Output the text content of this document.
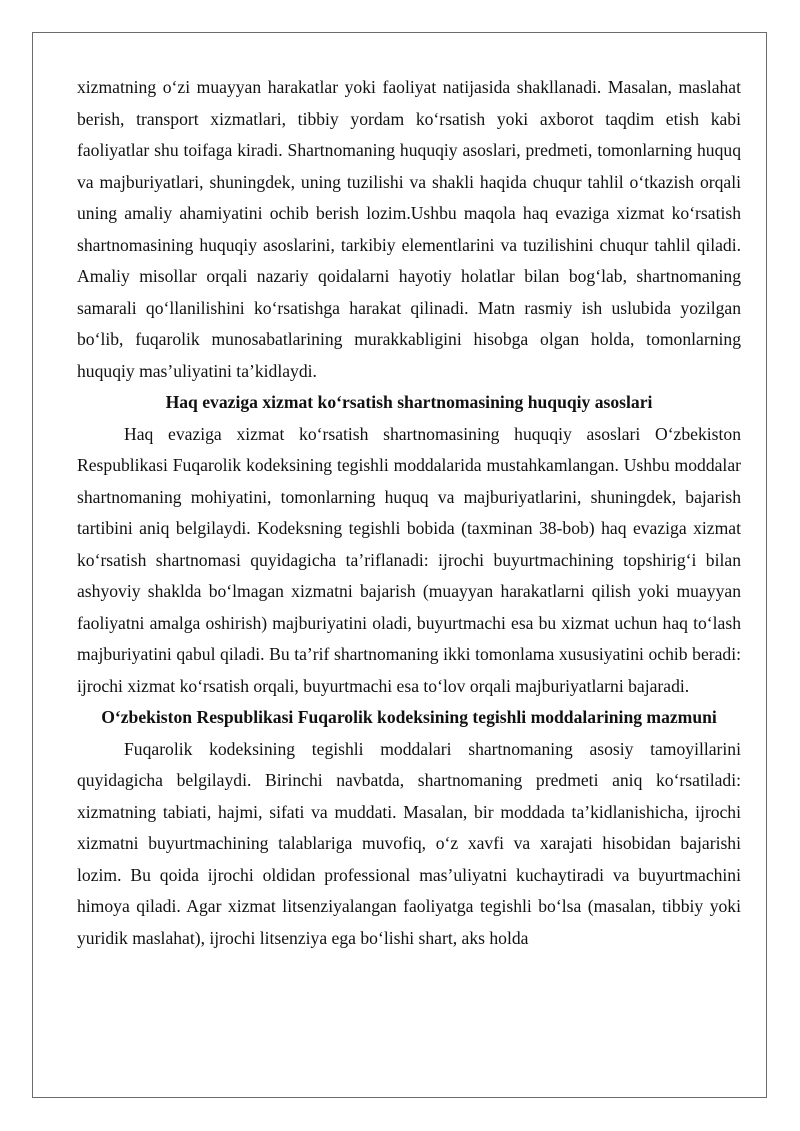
xizmatning o‘zi muayyan harakatlar yoki faoliyat natijasida shakllanadi. Masalan, maslahat berish, transport xizmatlari, tibbiy yordam ko‘rsatish yoki axborot taqdim etish kabi faoliyatlar shu toifaga kiradi. Shartnomaning huquqiy asoslari, predmeti, tomonlarning huquq va majburiyatlari, shuningdek, uning tuzilishi va shakli haqida chuqur tahlil o‘tkazish orqali uning amaliy ahamiyatini ochib berish lozim.Ushbu maqola haq evaziga xizmat ko‘rsatish shartnomasining huquqiy asoslarini, tarkibiy elementlarini va tuzilishini chuqur tahlil qiladi. Amaliy misollar orqali nazariy qoidalarni hayotiy holatlar bilan bog‘lab, shartnomaning samarali qo‘llanilishini ko‘rsatishga harakat qilinadi. Matn rasmiy ish uslubida yozilgan bo‘lib, fuqarolik munosabatlarining murakkabligini hisobga olgan holda, tomonlarning huquqiy mas’uliyatini ta’kidlaydi.

Haq evaziga xizmat ko‘rsatish shartnomasining huquqiy asoslari

Haq evaziga xizmat ko‘rsatish shartnomasining huquqiy asoslari O‘zbekiston Respublikasi Fuqarolik kodeksining tegishli moddalarida mustahkamlangan. Ushbu moddalar shartnomaning mohiyatini, tomonlarning huquq va majburiyatlarini, shuningdek, bajarish tartibini aniq belgilaydi. Kodeksning tegishli bobida (taxminan 38-bob) haq evaziga xizmat ko‘rsatish shartnomasi quyidagicha ta’riflanadi: ijrochi buyurtmachining topshirig‘i bilan ashyoviy shaklda bo‘lmagan xizmatni bajarish (muayyan harakatlarni qilish yoki muayyan faoliyatni amalga oshirish) majburiyatini oladi, buyurtmachi esa bu xizmat uchun haq to‘lash majburiyatini qabul qiladi. Bu ta’rif shartnomaning ikki tomonlama xususiyatini ochib beradi: ijrochi xizmat ko‘rsatish orqali, buyurtmachi esa to‘lov orqali majburiyatlarni bajaradi.

O‘zbekiston Respublikasi Fuqarolik kodeksining tegishli moddalarining mazmuni

Fuqarolik kodeksining tegishli moddalari shartnomaning asosiy tamoyillarini quyidagicha belgilaydi. Birinchi navbatda, shartnomaning predmeti aniq ko‘rsatiladi: xizmatning tabiati, hajmi, sifati va muddati. Masalan, bir moddada ta’kidlanishicha, ijrochi xizmatni buyurtmachining talablariga muvofiq, o‘z xavfi va xarajati hisobidan bajarishi lozim. Bu qoida ijrochi oldidan professional mas’uliyatni kuchaytiradi va buyurtmachini himoya qiladi. Agar xizmat litsenziyalangan faoliyatga tegishli bo‘lsa (masalan, tibbiy yoki yuridik maslahat), ijrochi litsenziya ega bo‘lishi shart, aks holda
